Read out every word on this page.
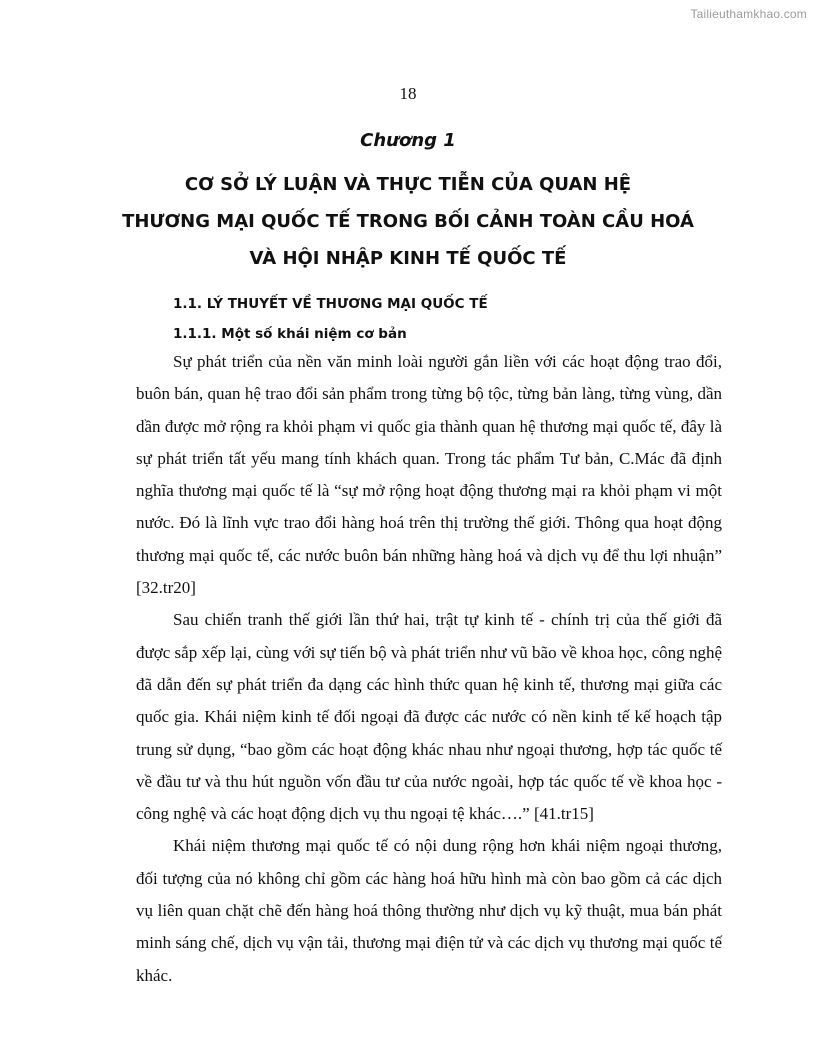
Tailieuthamkhao.com
18
Chương 1
CƠ SỞ LÝ LUẬN VÀ THỰC TIỄN CỦA QUAN HỆ
THƯƠNG MẠI QUỐC TẾ TRONG BỐI CẢNH TOÀN CẦU HOÁ
VÀ HỘI NHẬP KINH TẾ QUỐC TẾ
1.1. LÝ THUYẾT VỀ THƯƠNG MẠI QUỐC TẾ
1.1.1. Một số khái niệm cơ bản

Sự phát triển của nền văn minh loài người gắn liền với các hoạt động trao đổi, buôn bán, quan hệ trao đổi sản phẩm trong từng bộ tộc, từng bản làng, từng vùng, dần dần được mở rộng ra khỏi phạm vi quốc gia thành quan hệ thương mại quốc tế, đây là sự phát triển tất yếu mang tính khách quan. Trong tác phẩm Tư bản, C.Mác đã định nghĩa thương mại quốc tế là “sự mở rộng hoạt động thương mại ra khỏi phạm vi một nước. Đó là lĩnh vực trao đổi hàng hoá trên thị trường thế giới. Thông qua hoạt động thương mại quốc tế, các nước buôn bán những hàng hoá và dịch vụ để thu lợi nhuận” [32.tr20]

Sau chiến tranh thế giới lần thứ hai, trật tự kinh tế - chính trị của thế giới đã được sắp xếp lại, cùng với sự tiến bộ và phát triển như vũ bão về khoa học, công nghệ đã dẫn đến sự phát triển đa dạng các hình thức quan hệ kinh tế, thương mại giữa các quốc gia. Khái niệm kinh tế đối ngoại đã được các nước có nền kinh tế kế hoạch tập trung sử dụng, “bao gồm các hoạt động khác nhau như ngoại thương, hợp tác quốc tế về đầu tư và thu hút nguồn vốn đầu tư của nước ngoài, hợp tác quốc tế về khoa học - công nghệ và các hoạt động dịch vụ thu ngoại tệ khác….” [41.tr15]

Khái niệm thương mại quốc tế có nội dung rộng hơn khái niệm ngoại thương, đối tượng của nó không chỉ gồm các hàng hoá hữu hình mà còn bao gồm cả các dịch vụ liên quan chặt chẽ đến hàng hoá thông thường như dịch vụ kỹ thuật, mua bán phát minh sáng chế, dịch vụ vận tải, thương mại điện tử và các dịch vụ thương mại quốc tế khác.
